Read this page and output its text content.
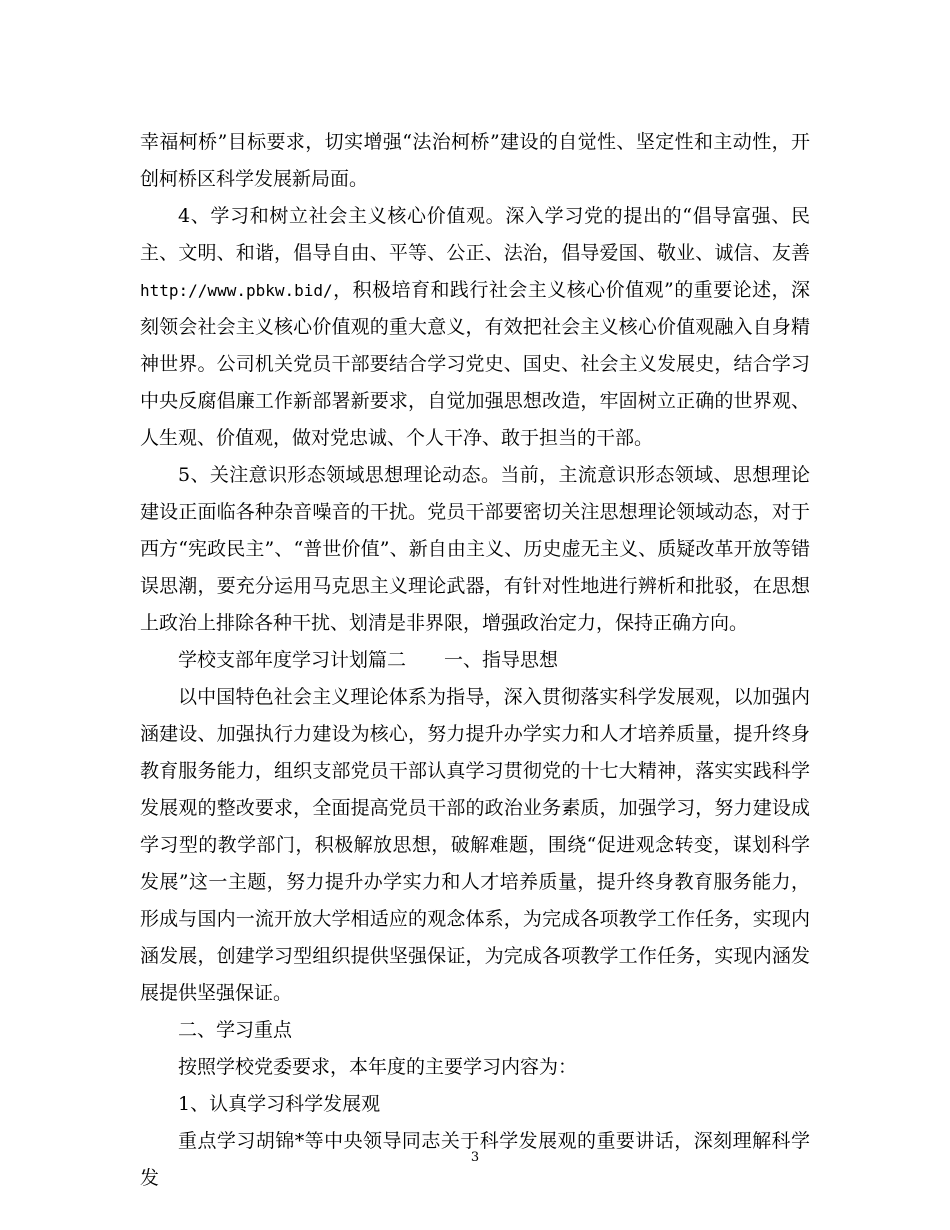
幸福柯桥”目标要求，切实增强“法治柯桥”建设的自觉性、坚定性和主动性，开创柯桥区科学发展新局面。

4、学习和树立社会主义核心价值观。深入学习党的提出的“倡导富强、民主、文明、和谐，倡导自由、平等、公正、法治，倡导爱国、敬业、诚信、友善http://www.pbkw.bid/，积极培育和践行社会主义核心价值观”的重要论述，深刻领会社会主义核心价值观的重大意义，有效把社会主义核心价值观融入自身精神世界。公司机关党员干部要结合学习党史、国史、社会主义发展史，结合学习中央反腐倡廉工作新部署新要求，自觉加强思想改造，牢固树立正确的世界观、人生观、价值观，做对党忠诚、个人干净、敢于担当的干部。

5、关注意识形态领域思想理论动态。当前，主流意识形态领域、思想理论建设正面临各种杂音噪音的干扰。党员干部要密切关注思想理论领域动态，对于西方“宪政民主”、“普世价值”、新自由主义、历史虚无主义、质疑改革开放等错误思潮，要充分运用马克思主义理论武器，有针对性地进行辨析和批驳，在思想上政治上排除各种干扰、划清是非界限，增强政治定力，保持正确方向。

学校支部年度学习计划篇二 一、指导思想

以中国特色社会主义理论体系为指导，深入贯彻落实科学发展观，以加强内涵建设、加强执行力建设为核心，努力提升办学实力和人才培养质量，提升终身教育服务能力，组织支部党员干部认真学习贯彻党的十七大精神，落实实践科学发展观的整改要求，全面提高党员干部的政治业务素质，加强学习，努力建设成学习型的教学部门，积极解放思想，破解难题，围绕“促进观念转变，谋划科学发展”这一主题，努力提升办学实力和人才培养质量，提升终身教育服务能力，形成与国内一流开放大学相适应的观念体系，为完成各项教学工作任务，实现内涵发展，创建学习型组织提供坚强保证，为完成各项教学工作任务，实现内涵发展提供坚强保证。

二、学习重点

按照学校党委要求，本年度的主要学习内容为：

1、认真学习科学发展观

重点学习胡锦*等中央领导同志关于科学发展观的重要讲话，深刻理解科学发

3
